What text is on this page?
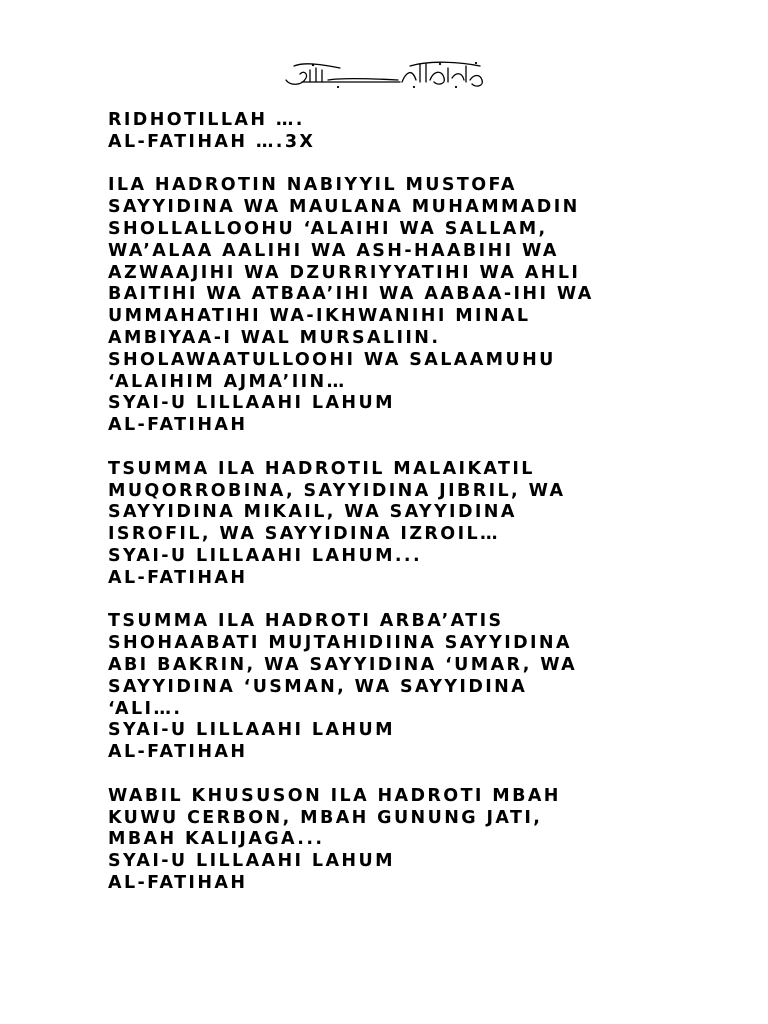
RIDHOTILLAH ….
AL-FATIHAH ….3X
ILA HADROTIN NABIYYIL MUSTOFA
SAYYIDINA WA MAULANA MUHAMMADIN
SHOLLALLOOHU ‘ALAIHI WA SALLAM,
WA’ALAA AALIHI WA ASH-HAABIHI WA
AZWAAJIHI WA DZURRIYYATIHI WA AHLI
BAITIHI WA ATBAA’IHI WA AABAA-IHI WA
UMMAHATIHI WA-IKHWANIHI MINAL
AMBIYAA-I WAL MURSALIIN.
SHOLAWAATULLOOHI WA SALAAMUHU
‘ALAIHIM AJMA’IIN…
SYAI-U LILLAAHI LAHUM
AL-FATIHAH
TSUMMA ILA HADROTIL MALAIKATIL
MUQORROBINA, SAYYIDINA JIBRIL, WA
SAYYIDINA MIKAIL, WA SAYYIDINA
ISROFIL, WA SAYYIDINA IZROIL…
SYAI-U LILLAAHI LAHUM...
AL-FATIHAH
TSUMMA ILA HADROTI ARBA’ATIS
SHOHAABATI MUJTAHIDIINA SAYYIDINA
ABI BAKRIN, WA SAYYIDINA ‘UMAR, WA
SAYYIDINA ‘USMAN, WA SAYYIDINA
‘ALI….
SYAI-U LILLAAHI LAHUM
AL-FATIHAH
WABIL KHUSUSON ILA HADROTI MBAH
KUWU CERBON, MBAH GUNUNG JATI,
MBAH KALIJAGA...
SYAI-U LILLAAHI LAHUM
AL-FATIHAH
